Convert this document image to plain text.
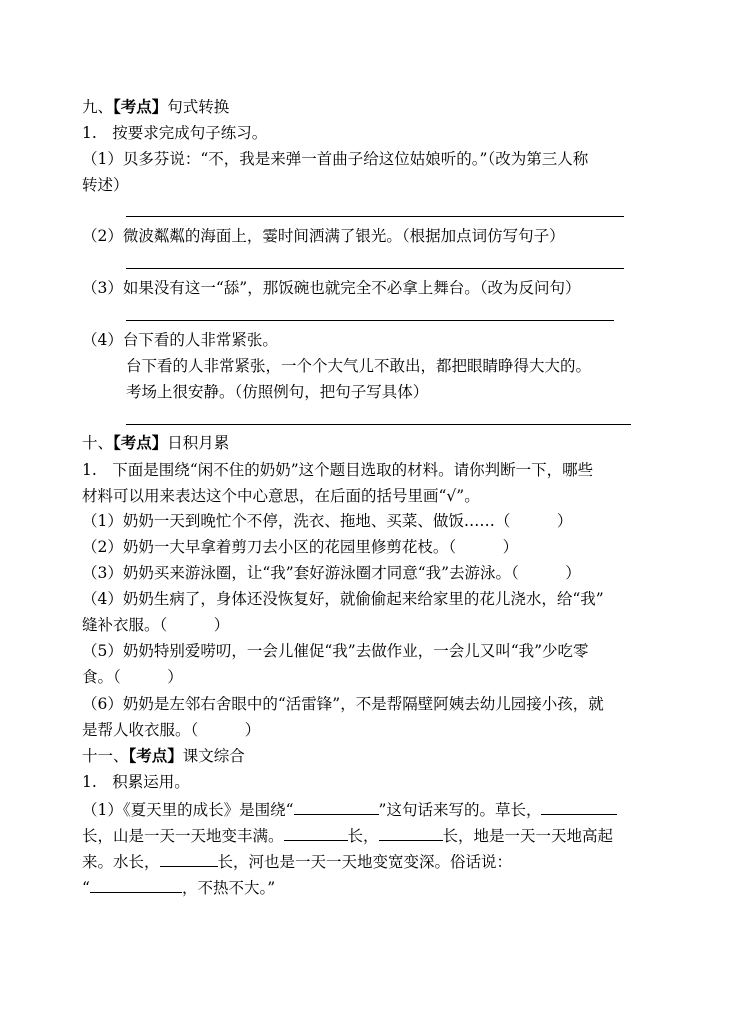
九、【考点】句式转换
1.　按要求完成句子练习。
（1）贝多芬说：“不，我是来弹一首曲子给这位姑娘听的。”（改为第三人称
转述）
（2）微波粼粼的海面上，霎时间洒满了银光。（根据加点词仿写句子）
（3）如果没有这一“舔”，那饭碗也就完全不必拿上舞台。（改为反问句）
（4）台下看的人非常紧张。
台下看的人非常紧张，一个个大气儿不敢出，都把眼睛睁得大大的。
考场上很安静。（仿照例句，把句子写具体）
十、【考点】日积月累
1.　下面是围绕“闲不住的奶奶”这个题目选取的材料。请你判断一下，哪些
材料可以用来表达这个中心意思，在后面的括号里画“√”。
（1）奶奶一天到晚忙个不停，洗衣、拖地、买菜、做饭……（　　　）
（2）奶奶一大早拿着剪刀去小区的花园里修剪花枝。（　　　）
（3）奶奶买来游泳圈，让“我”套好游泳圈才同意“我”去游泳。（　　　）
（4）奶奶生病了，身体还没恢复好，就偷偷起来给家里的花儿浇水，给“我”
缝补衣服。（　　　）
（5）奶奶特别爱唠叨，一会儿催促“我”去做作业，一会儿又叫“我”少吃零
食。（　　　）
（6）奶奶是左邻右舍眼中的“活雷锋”，不是帮隔壁阿姨去幼儿园接小孩，就
是帮人收衣服。（　　　）
十一、【考点】课文综合
1.　积累运用。
（1）《夏天里的成长》是围绕“	”这句话来写的。草长，
长，山是一天一天地变丰满。	长，	长，地是一天一天地高起
来。水长，	长，河也是一天一天地变宽变深。俗话说：
“	，不热不大。”
